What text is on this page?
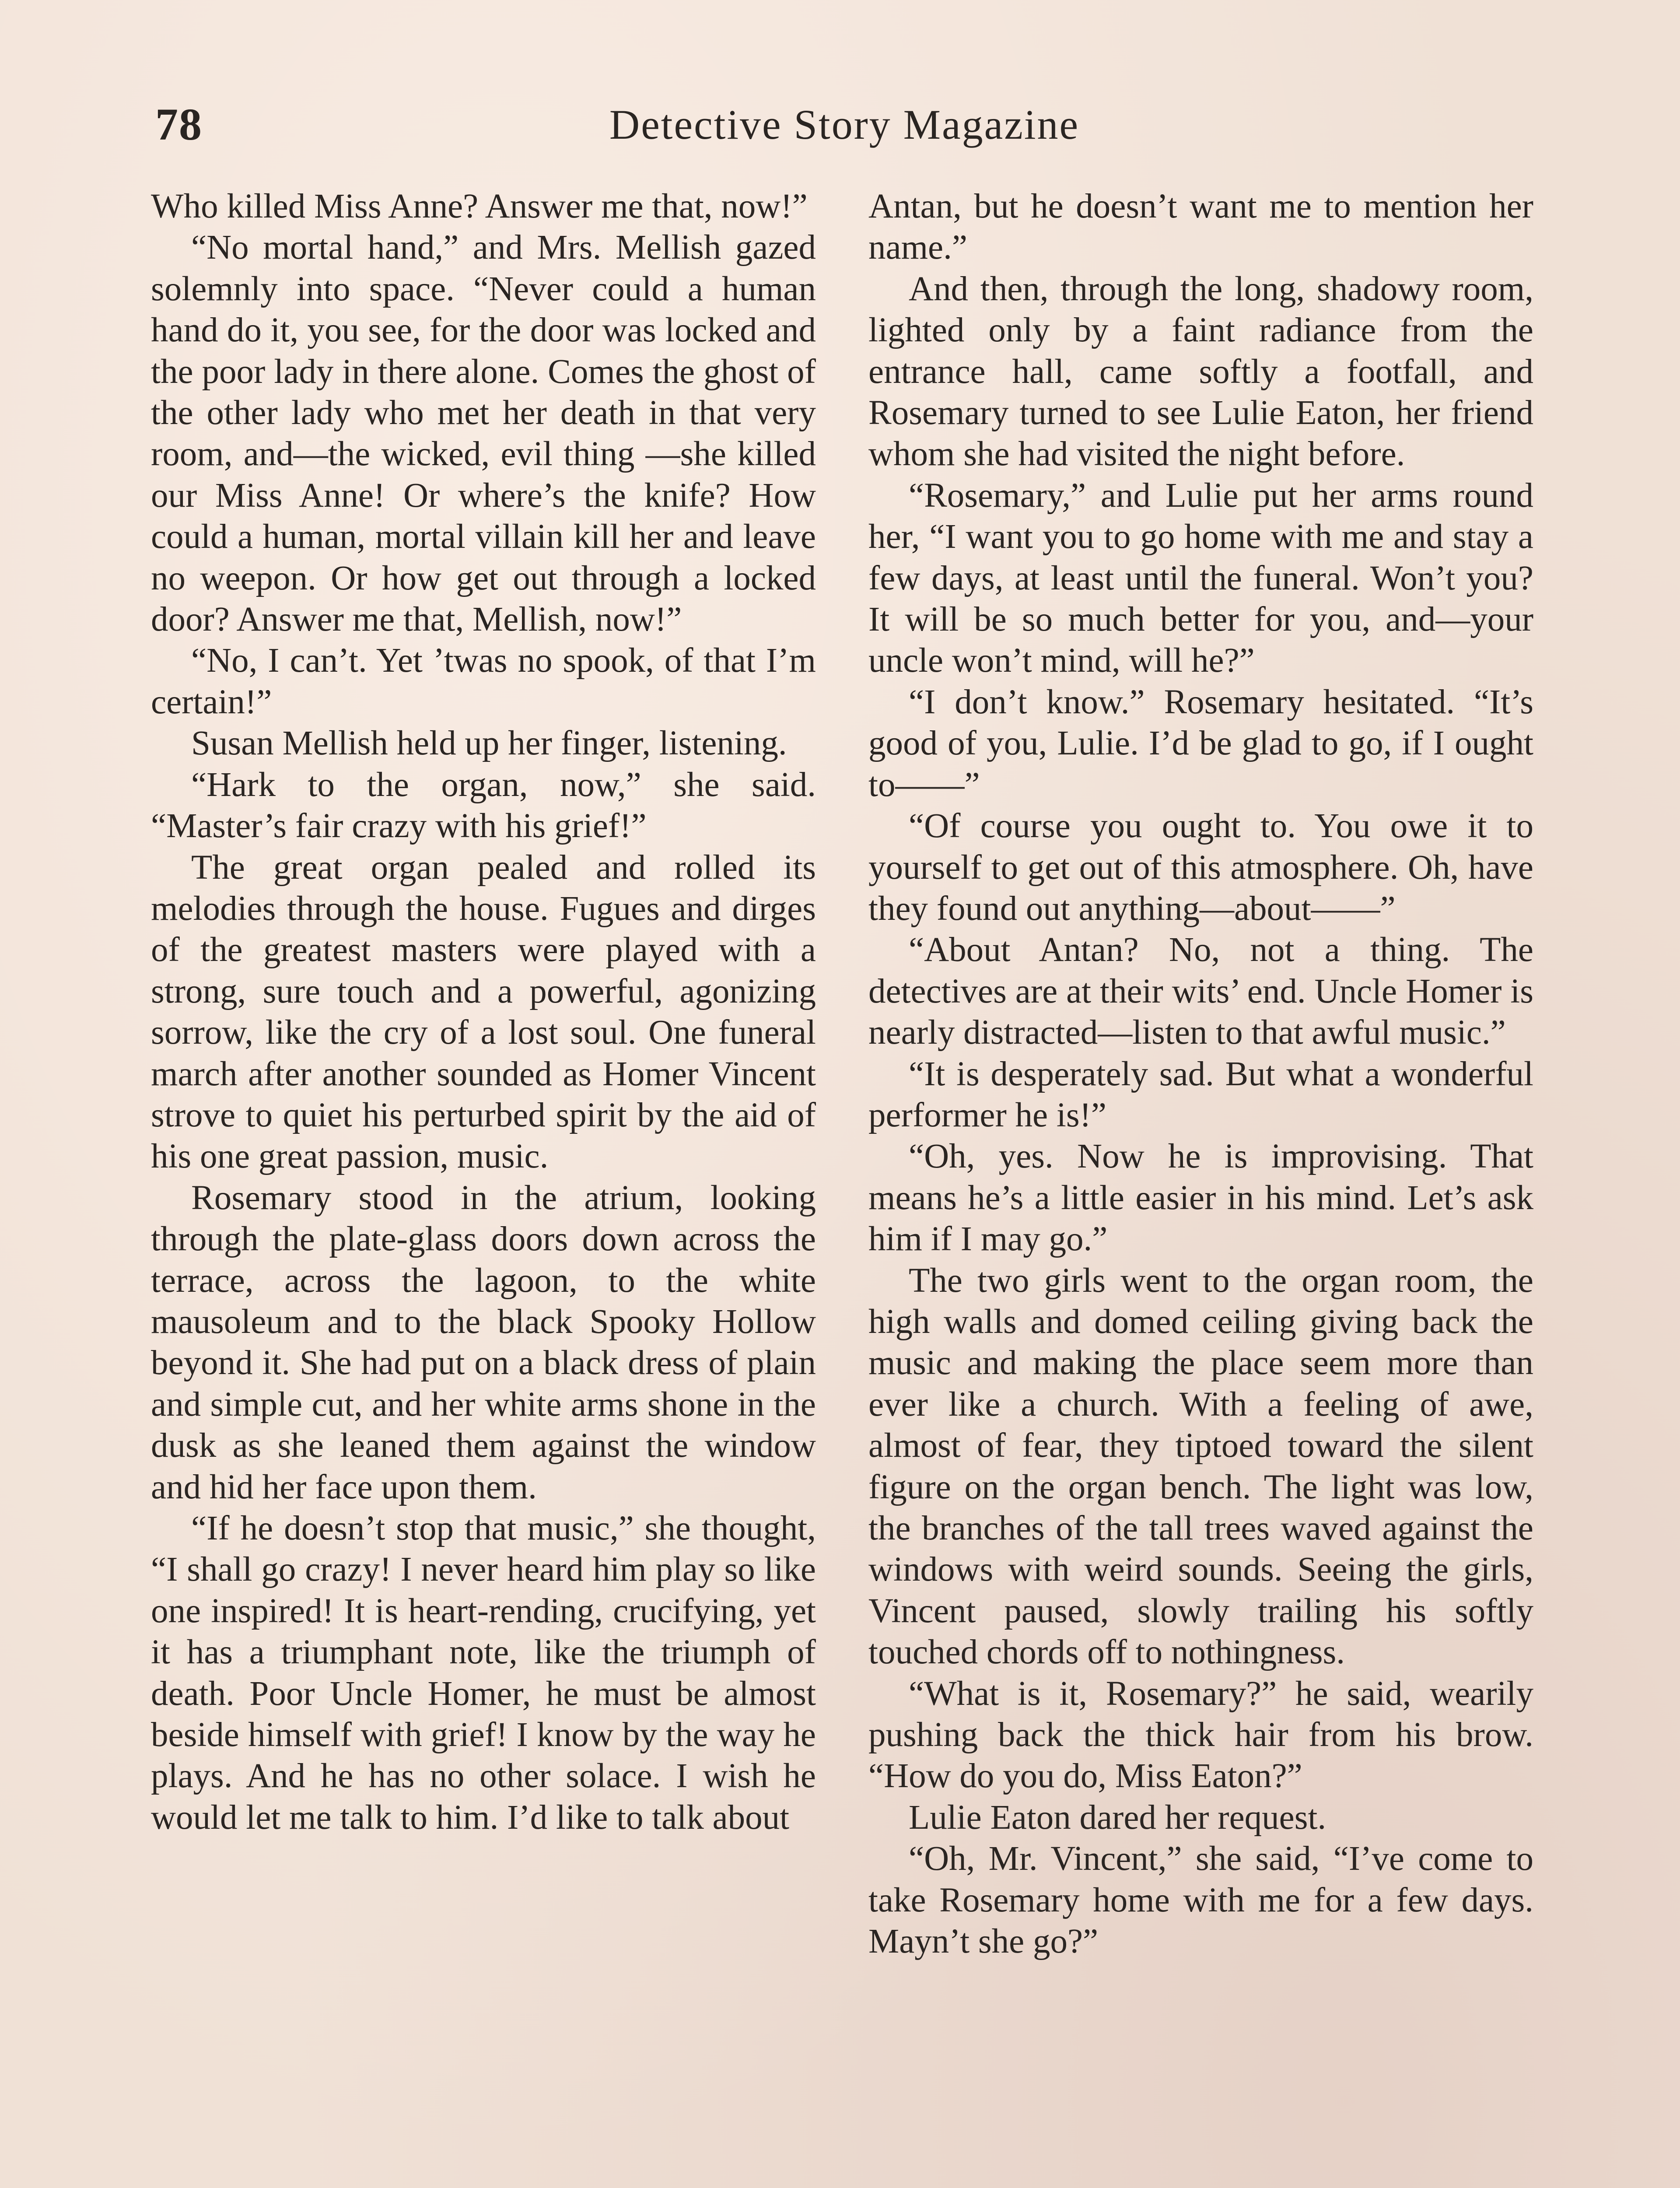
78	Detective Story Magazine

Who killed Miss Anne? Answer me that, now!”

“No mortal hand,” and Mrs. Mellish gazed solemnly into space. “Never could a human hand do it, you see, for the door was locked and the poor lady in there alone. Comes the ghost of the other lady who met her death in that very room, and—the wicked, evil thing —she killed our Miss Anne! Or where’s the knife? How could a human, mortal villain kill her and leave no weepon. Or how get out through a locked door? Answer me that, Mellish, now!”

“No, I can’t. Yet ’twas no spook, of that I’m certain!”

Susan Mellish held up her finger, listening.

“Hark to the organ, now,” she said. “Master’s fair crazy with his grief!”

The great organ pealed and rolled its melodies through the house. Fugues and dirges of the greatest masters were played with a strong, sure touch and a powerful, agonizing sorrow, like the cry of a lost soul. One funeral march after another sounded as Homer Vincent strove to quiet his perturbed spirit by the aid of his one great passion, music.

Rosemary stood in the atrium, looking through the plate-glass doors down across the terrace, across the lagoon, to the white mausoleum and to the black Spooky Hollow beyond it. She had put on a black dress of plain and simple cut, and her white arms shone in the dusk as she leaned them against the window and hid her face upon them.

“If he doesn’t stop that music,” she thought, “I shall go crazy! I never heard him play so like one inspired! It is heart-rending, crucifying, yet it has a triumphant note, like the triumph of death. Poor Uncle Homer, he must be almost beside himself with grief! I know by the way he plays. And he has no other solace. I wish he would let me talk to him. I’d like to talk about

Antan, but he doesn’t want me to mention her name.”

And then, through the long, shadowy room, lighted only by a faint radiance from the entrance hall, came softly a footfall, and Rosemary turned to see Lulie Eaton, her friend whom she had visited the night before.

“Rosemary,” and Lulie put her arms round her, “I want you to go home with me and stay a few days, at least until the funeral. Won’t you? It will be so much better for you, and—your uncle won’t mind, will he?”

“I don’t know.” Rosemary hesitated. “It’s good of you, Lulie. I’d be glad to go, if I ought to——”

“Of course you ought to. You owe it to yourself to get out of this atmosphere. Oh, have they found out anything—about——”

“About Antan? No, not a thing. The detectives are at their wits’ end. Uncle Homer is nearly distracted—listen to that awful music.”

“It is desperately sad. But what a wonderful performer he is!”

“Oh, yes. Now he is improvising. That means he’s a little easier in his mind. Let’s ask him if I may go.”

The two girls went to the organ room, the high walls and domed ceiling giving back the music and making the place seem more than ever like a church. With a feeling of awe, almost of fear, they tiptoed toward the silent figure on the organ bench. The light was low, the branches of the tall trees waved against the windows with weird sounds. Seeing the girls, Vincent paused, slowly trailing his softly touched chords off to nothingness.

“What is it, Rosemary?” he said, wearily pushing back the thick hair from his brow. “How do you do, Miss Eaton?”

Lulie Eaton dared her request.

“Oh, Mr. Vincent,” she said, “I’ve come to take Rosemary home with me for a few days. Mayn’t she go?”
